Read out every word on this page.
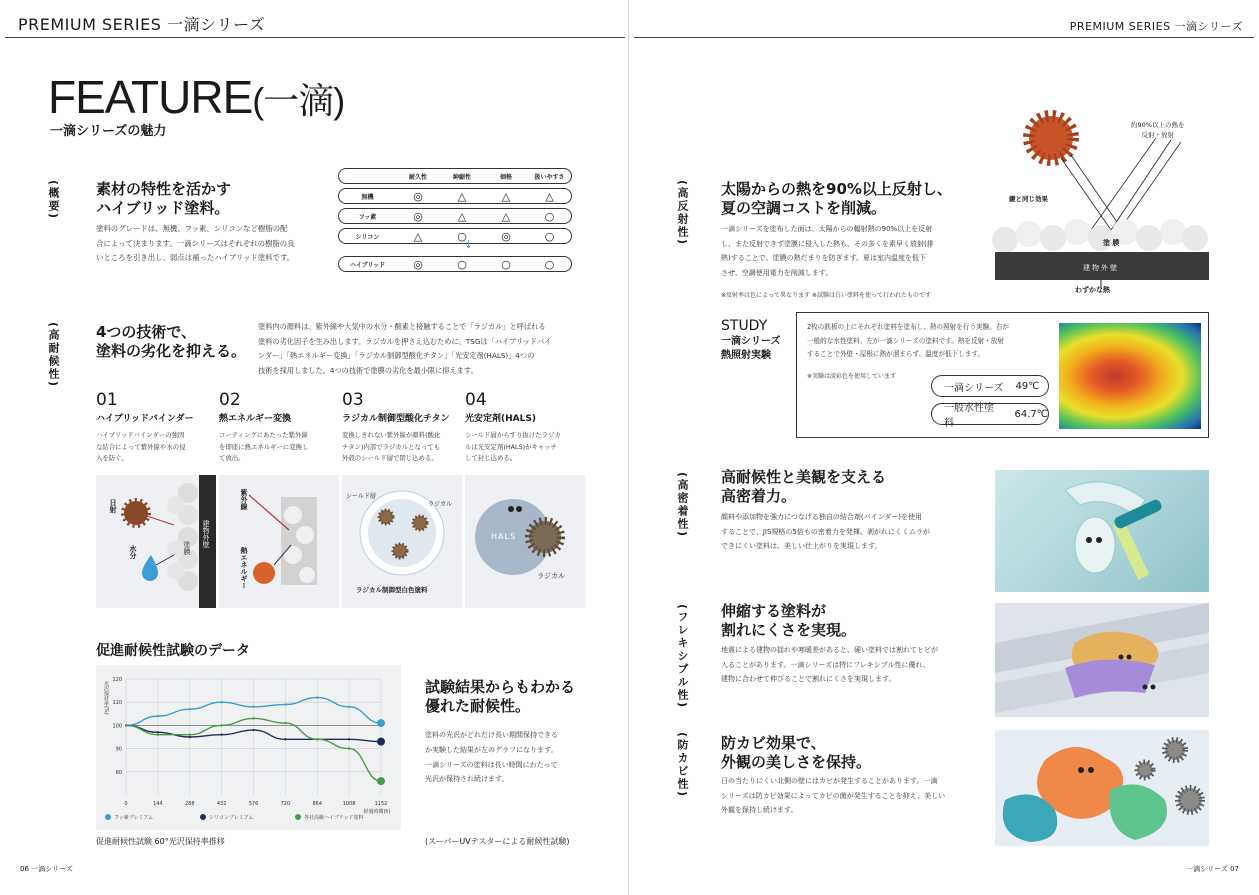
PREMIUM SERIES 一滴シリーズ
FEATURE(一滴)
一滴シリーズの魅力
(概要) 素材の特性を活かす
ハイブリッド塗料。
塗料のグレードは、無機、フッ素、シリコンなど樹脂の配
合によって決まります。一滴シリーズはそれぞれの樹脂の良
いところを引き出し、弱点は補ったハイブリッド塗料です。
	耐久性	紳縮性	価格	扱いやすさ
無機	◎	△	△	△
フッ素	◎	△	△	○
シリコン	△	○	◎	○
↓
ハイブリッド	◎	○	○	○
(高耐候性) 4つの技術で、
塗料の劣化を抑える。
塗料内の顔料は、紫外線や大気中の水分・酸素と接触することで「ラジカル」と呼ばれる
塗料の劣化因子を生み出します。ラジカルを押さえ込むために、TSGは「ハイブリッドバイ
ンダー」「熱エネルギー変換」「ラジカル制御型酸化チタン」「光安定剤(HALS)」4つの
技術を採用しました。4つの技術で塗膜の劣化を最小限に抑えます。
01
ハイブリッドバインダー
ハイブリッドバインダーの強固
な結合によって紫外線や水の侵
入を防ぐ。
02
熱エネルギー変換
コーティングにあたった紫外線
を即座に熱エネルギーに変換し
て放出。
03
ラジカル制御型酸化チタン
変換しきれない紫外線が顔料(酸化
チタン)内部でラジカルとなっても
外殻のシールド層で閉じ込める。
04
光安定剤(HALS)
シールド層からすり抜けたラジカ
ルは光安定剤(HALS)がキャッチ
して封じ込める。
日射
水分
建物外壁
塗膜
紫外線
熱エネルギー
シールド層
ラジカル
ラジカル制御型白色塗料
HALS
ラジカル
促進耐候性試験のデータ
120
110
100
90
80
0	144	288	432	576	720	864	1008	1152
光沢保持率(%)
経過時間(h)
フッ素プレミアム	シリコンプレミアム	各社高級ハイブリッド塗料
試験結果からもわかる
優れた耐候性。
塗料の光沢がどれだけ長い期間保持できる
か実験した結果が左のグラフになります。
一滴シリーズの塗料は長い時間にわたって
光沢が保持され続けます。
促進耐候性試験 60°光沢保持率推移	(スーパーUVテスターによる耐候性試験)
06 一滴シリーズ
PREMIUM SERIES 一滴シリーズ
(高反射性) 太陽からの熱を90%以上反射し、
夏の空調コストを削減。
一滴シリーズを塗布した面は、太陽からの輻射熱の90%以上を反射
し、また反射できず塗膜に侵入した熱も、その多くを素早く放射(排
熱)することで、塗膜の熱だまりを防ぎます。夏は室内温度を低下
させ、空調使用電力を削減します。
※反射率は色によって異なります ※試験は白い塗料を使って行われたものです
約90%以上の熱を
反射・放射
鏡と同じ効果
塗 膜
建物外壁
わずかな熱
STUDY
一滴シリーズ
熱照射実験
2枚の鉄板の上にそれぞれ塗料を塗布し、熱の照射を行う実験。右が
一般的な水性塗料、左が一滴シリーズの塗料です。熱を反射・放射
することで外壁・屋根に熱が溜まらず、温度が低下します。
※実験は淡彩色を使用しています
一滴シリーズ 49℃
一般水性塗料
64.7℃
(高密着性) 高耐候性と美観を支える
高密着力。
顔料や添加物を強力につなげる独自の結合剤(バインダー)を使用
することで、JIS規格の5倍もの密着力を発揮。剥がれにくくムラが
できにくい塗料は、美しい仕上がりを実現します。
(フレキシブル性) 伸縮する塗料が
割れにくさを実現。
地震による建物の揺れや寒暖差があると、硬い塗料では割れてヒビが
入ることがあります。一滴シリーズは特にフレキシブル性に優れ、
建物に合わせて伸びることで割れにくさを実現します。
(防カビ性) 防カビ効果で、
外観の美しさを保持。
日の当たりにくい北側の壁にはカビが発生することがあります。一滴
シリーズは防カビ効果によってカビの菌が発生することを抑え、美しい
外観を保持し続けます。
一滴シリーズ 07
